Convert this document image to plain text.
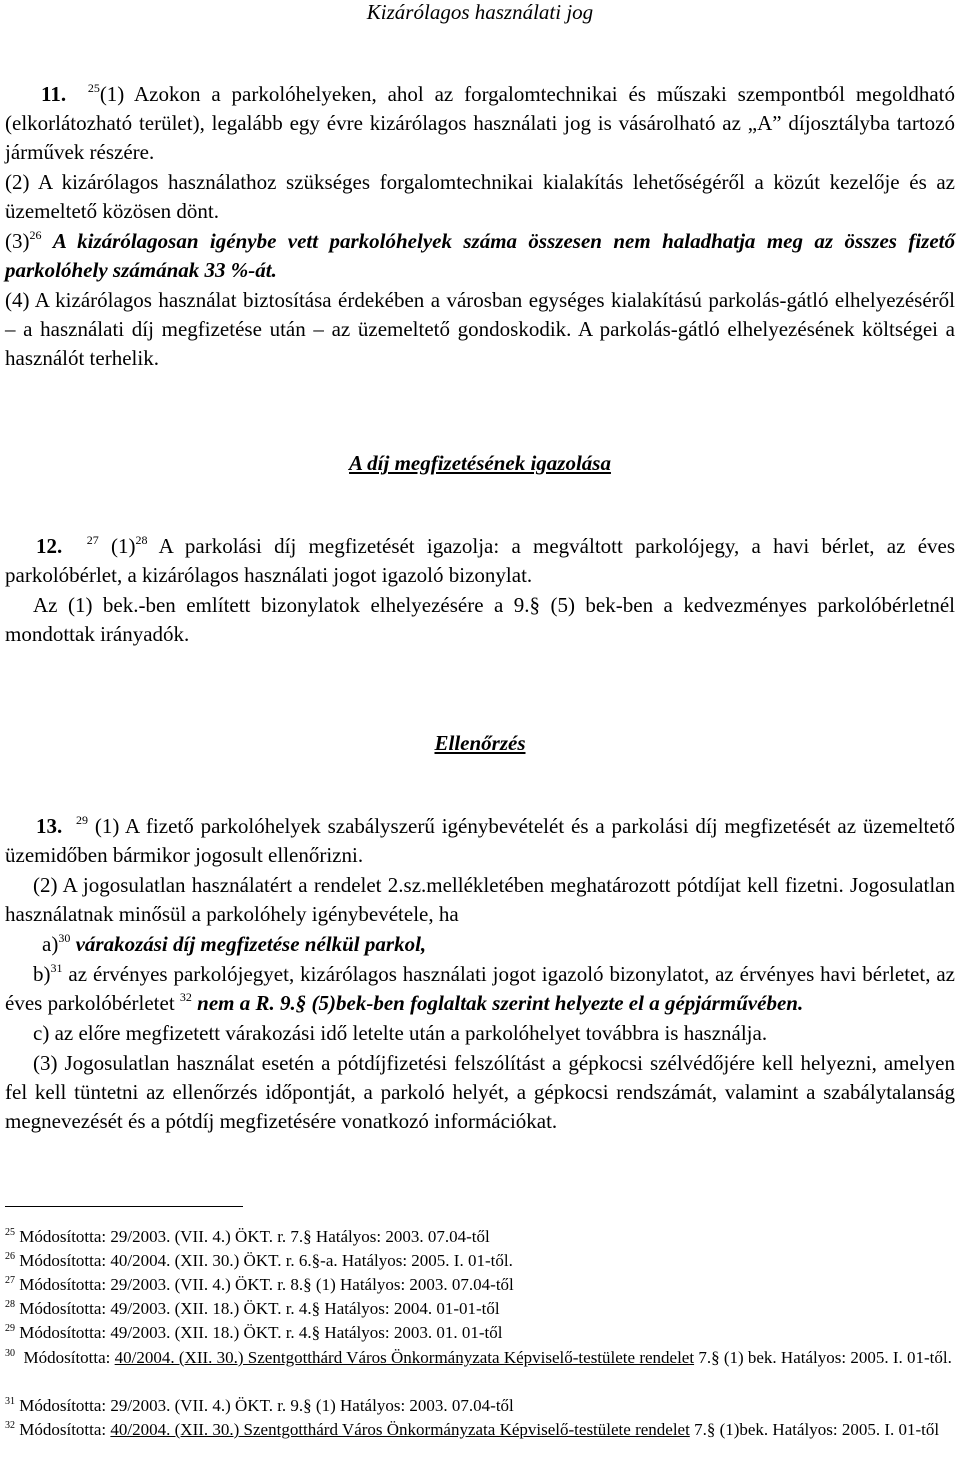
Kizárólagos használati jog

11. $^{25}$(1) Azokon a parkolóhelyeken, ahol az forgalomtechnikai és műszaki szempontból megoldható (elkorlátozható terület), legalább egy évre kizárólagos használati jog is vásárolható az „A” díjosztályba tartozó járművek részére.

(2) A kizárólagos használathoz szükséges forgalomtechnikai kialakítás lehetőségéről a közút kezelője és az üzemeltető közösen dönt.

$(3)^{26}$ A kizárólagosan igénybe vett parkolóhelyek száma összesen nem haladhatja meg az összes fizető parkolóhely számának 33 %-át.

(4) A kizárólagos használat biztosítása érdekében a városban egységes kialakítású parkolás-gátló elhelyezéséről – a használati díj megfizetése után – az üzemeltető gondoskodik. A parkolás-gátló elhelyezésének költségei a használót terhelik.

A díj megfizetésének igazolása

12. $^{27}$ $(1)^{28}$ A parkolási díj megfizetését igazolja: a megváltott parkolójegy, a havi bérlet, az éves parkolóbérlet, a kizárólagos használati jogot igazoló bizonylat.

Az (1) bek.-ben említett bizonylatok elhelyezésére a 9.§ (5) bek-ben a kedvezményes parkolóbérletnél mondottak irányadók.

Ellenőrzés

13. $^{29}$ (1) A fizető parkolóhelyek szabályszerű igénybevételét és a parkolási díj megfizetését az üzemeltető üzemidőben bármikor jogosult ellenőrizni.

(2) A jogosulatlan használatért a rendelet 2.sz.mellékletében meghatározott pótdíjat kell fizetni. Jogosulatlan használatnak minősül a parkolóhely igénybevétele, ha

a)$^{30}$ várakozási díj megfizetése nélkül parkol,

b)$^{31}$ az érvényes parkolójegyet, kizárólagos használati jogot igazoló bizonylatot, az érvényes havi bérletet, az éves parkolóbérletet $^{32}$ nem a R. 9.§ (5)bek-ben foglaltak szerint helyezte el a gépjárművében.

c) az előre megfizetett várakozási idő letelte után a parkolóhelyet továbbra is használja.

(3) Jogosulatlan használat esetén a pótdíjfizetési felszólítást a gépkocsi szélvédőjére kell helyezni, amelyen fel kell tüntetni az ellenőrzés időpontját, a parkoló helyét, a gépkocsi rendszámát, valamint a szabálytalanság megnevezését és a pótdíj megfizetésére vonatkozó információkat.

$^{25}$ Módosította: 29/2003. (VII. 4.) ÖKT. r. 7.§ Hatályos: 2003. 07.04-től
$^{26}$ Módosította: 40/2004. (XII. 30.) ÖKT. r. 6.§-a. Hatályos: 2005. I. 01-től.
$^{27}$ Módosította: 29/2003. (VII. 4.) ÖKT. r. 8.§ (1) Hatályos: 2003. 07.04-től
$^{28}$ Módosította: 49/2003. (XII. 18.) ÖKT. r. 4.§ Hatályos: 2004. 01-01-től
$^{29}$ Módosította: 49/2003. (XII. 18.) ÖKT. r. 4.§ Hatályos: 2003. 01. 01-től
$^{30}$ Módosította: 40/2004. (XII. 30.) Szentgotthárd Város Önkormányzata Képviselő-testülete rendelet 7.§ (1) bek. Hatályos: 2005. I. 01-től.
$^{31}$ Módosította: 29/2003. (VII. 4.) ÖKT. r. 9.§ (1) Hatályos: 2003. 07.04-től
$^{32}$ Módosította: 40/2004. (XII. 30.) Szentgotthárd Város Önkormányzata Képviselő-testülete rendelet 7.§ (1)bek. Hatályos: 2005. I. 01-től
